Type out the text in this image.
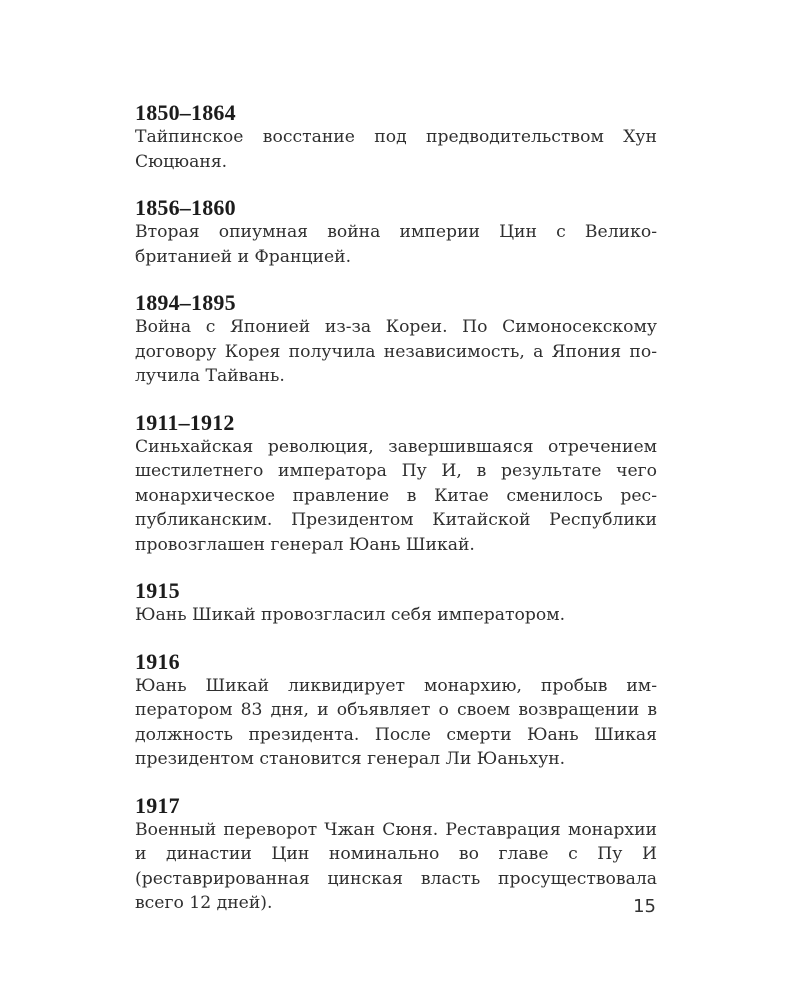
1850–1864
Тайпинское восстание под предводительством Хун Сюцюаня.
1856–1860
Вторая опиумная война империи Цин с Великобританией и Францией.
1894–1895
Война с Японией из-за Кореи. По Симоносекскому договору Корея получила независимость, а Япония получила Тайвань.
1911–1912
Синьхайская революция, завершившаяся отречением шестилетнего императора Пу И, в результате чего монархическое правление в Китае сменилось республиканским. Президентом Китайской Республики провозглашен генерал Юань Шикай.
1915
Юань Шикай провозгласил себя императором.
1916
Юань Шикай ликвидирует монархию, пробыв императором 83 дня, и объявляет о своем возвращении в должность президента. После смерти Юань Шикая президентом становится генерал Ли Юаньхун.
1917
Военный переворот Чжан Сюня. Реставрация монархии и династии Цин номинально во главе с Пу И (реставрированная цинская власть просуществовала всего 12 дней).	15
